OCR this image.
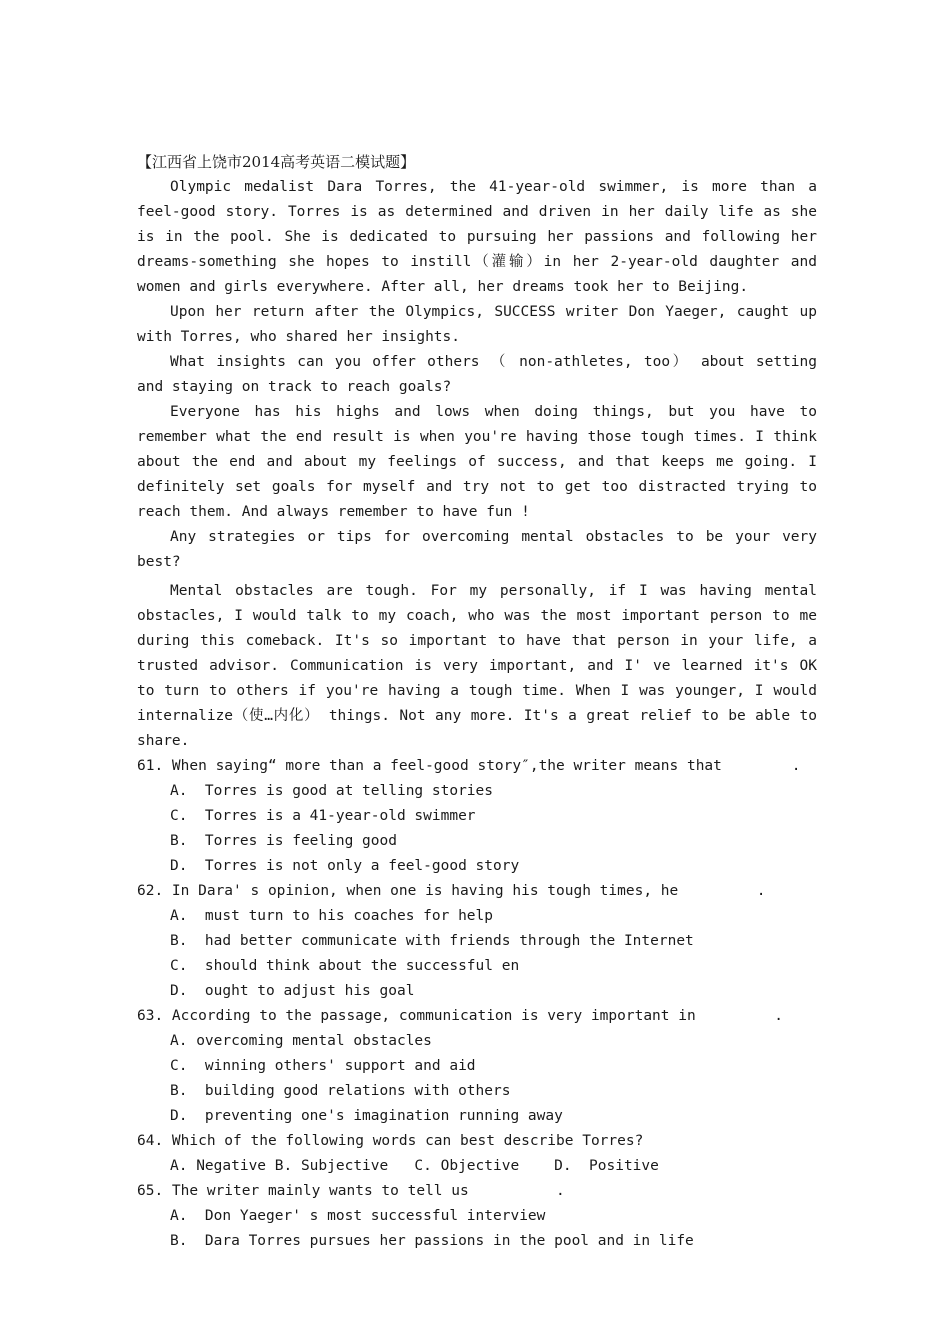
【江西省上饶市2014高考英语二模试题】

Olympic medalist Dara Torres, the 41-year-old swimmer, is more than a feel-good story. Torres is as determined and driven in her daily life as she is in the pool. She is dedicated to pursuing her passions and following her dreams-something she hopes to instill（灌输）in her 2-year-old daughter and women and girls everywhere. After all, her dreams took her to Beijing.

Upon her return after the Olympics, SUCCESS writer Don Yaeger, caught up with Torres, who shared her insights.

What insights can you offer others （ non-athletes, too） about setting and staying on track to reach goals?

Everyone has his highs and lows when doing things, but you have to remember what the end result is when you're having those tough times. I think about the end and about my feelings of success, and that keeps me going. I definitely set goals for myself and try not to get too distracted trying to reach them. And always remember to have fun !

Any strategies or tips for overcoming mental obstacles to be your very best?

Mental obstacles are tough. For my personally, if I was having mental obstacles, I would talk to my coach, who was the most important person to me during this comeback. It's so important to have that person in your life, a trusted advisor. Communication is very important, and I' ve learned it's OK to turn to others if you're having a tough time. When I was younger, I would internalize（使…内化） things. Not any more. It's a great relief to be able to share.

61. When saying“ more than a feel-good story″,the writer means that        .

A.  Torres is good at telling stories

C.  Torres is a 41-year-old swimmer

B.  Torres is feeling good

D.  Torres is not only a feel-good story

62. In Dara' s opinion, when one is having his tough times, he         .

A.  must turn to his coaches for help

B.  had better communicate with friends through the Internet

C.  should think about the successful en

D.  ought to adjust his goal

63. According to the passage, communication is very important in         .

A. overcoming mental obstacles

C.  winning others' support and aid

B.  building good relations with others

D.  preventing one's imagination running away

64. Which of the following words can best describe Torres?

A. Negative B. Subjective   C. Objective    D.  Positive

65. The writer mainly wants to tell us          .

A.  Don Yaeger' s most successful interview

B.  Dara Torres pursues her passions in the pool and in life
